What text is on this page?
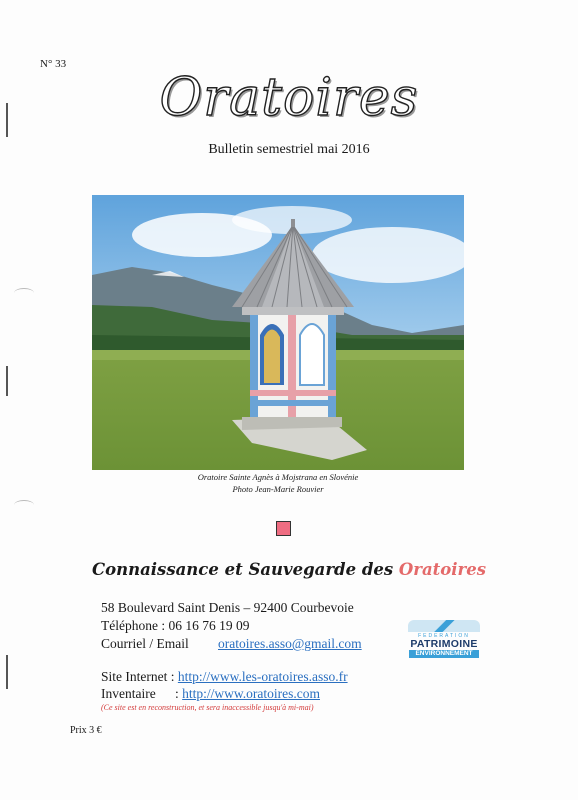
N° 33
Oratoires
Bulletin semestriel mai 2016
Oratoire Sainte Agnès à Mojstrana en Slovénie
Photo Jean-Marie Rouvier
Connaissance et Sauvegarde des Oratoires
58 Boulevard Saint Denis – 92400 Courbevoie
Téléphone : 06 16 76 19 09
Courriel / Email oratoires.asso@gmail.com
Site Internet : http://www.les-oratoires.asso.fr
Inventaire : http://www.oratoires.com
(Ce site est en reconstruction, et sera inaccessible jusqu'à mi-mai)
Prix 3 €
FEDERATION
PATRIMOINE
ENVIRONNEMENT
